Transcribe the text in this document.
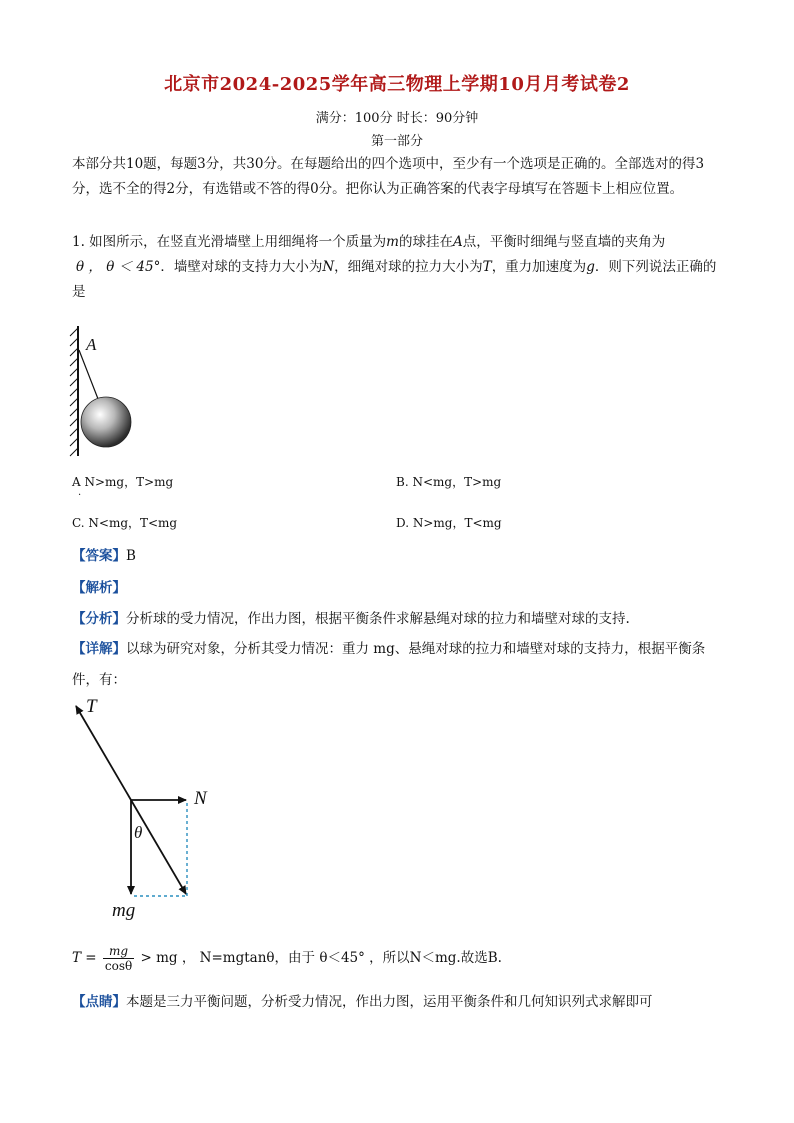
北京市2024-2025学年高三物理上学期10月月考试卷2
满分：100分 时长：90分钟
第一部分
本部分共10题，每题3分，共30分。在每题给出的四个选项中，至少有一个选项是正确的。全部选对的得3分，选不全的得2分，有选错或不答的得0分。把你认为正确答案的代表字母填写在答题卡上相应位置。
1. 如图所示，在竖直光滑墙壁上用细绳将一个质量为m的球挂在A点，平衡时细绳与竖直墙的夹角为
θ ， θ ＜ 45°．墙壁对球的支持力大小为N，细绳对球的拉力大小为T，重力加速度为g．则下列说法正确的是
A
A N>mg，T>mg	B. N<mg，T>mg
.
C. N<mg，T<mg	D. N>mg，T<mg
【答案】B
【解析】
【分析】分析球的受力情况，作出力图，根据平衡条件求解悬绳对球的拉力和墙壁对球的支持.
【详解】以球为研究对象，分析其受力情况：重力 mg、悬绳对球的拉力和墙壁对球的支持力，根据平衡条
件，有：
T
N
θ
mg
$T = \frac{mg}{\cos\theta}$ > mg ， N=mgtanθ，由于 θ＜45° ，所以N＜mg.故选B.
【点睛】本题是三力平衡问题，分析受力情况，作出力图，运用平衡条件和几何知识列式求解即可
